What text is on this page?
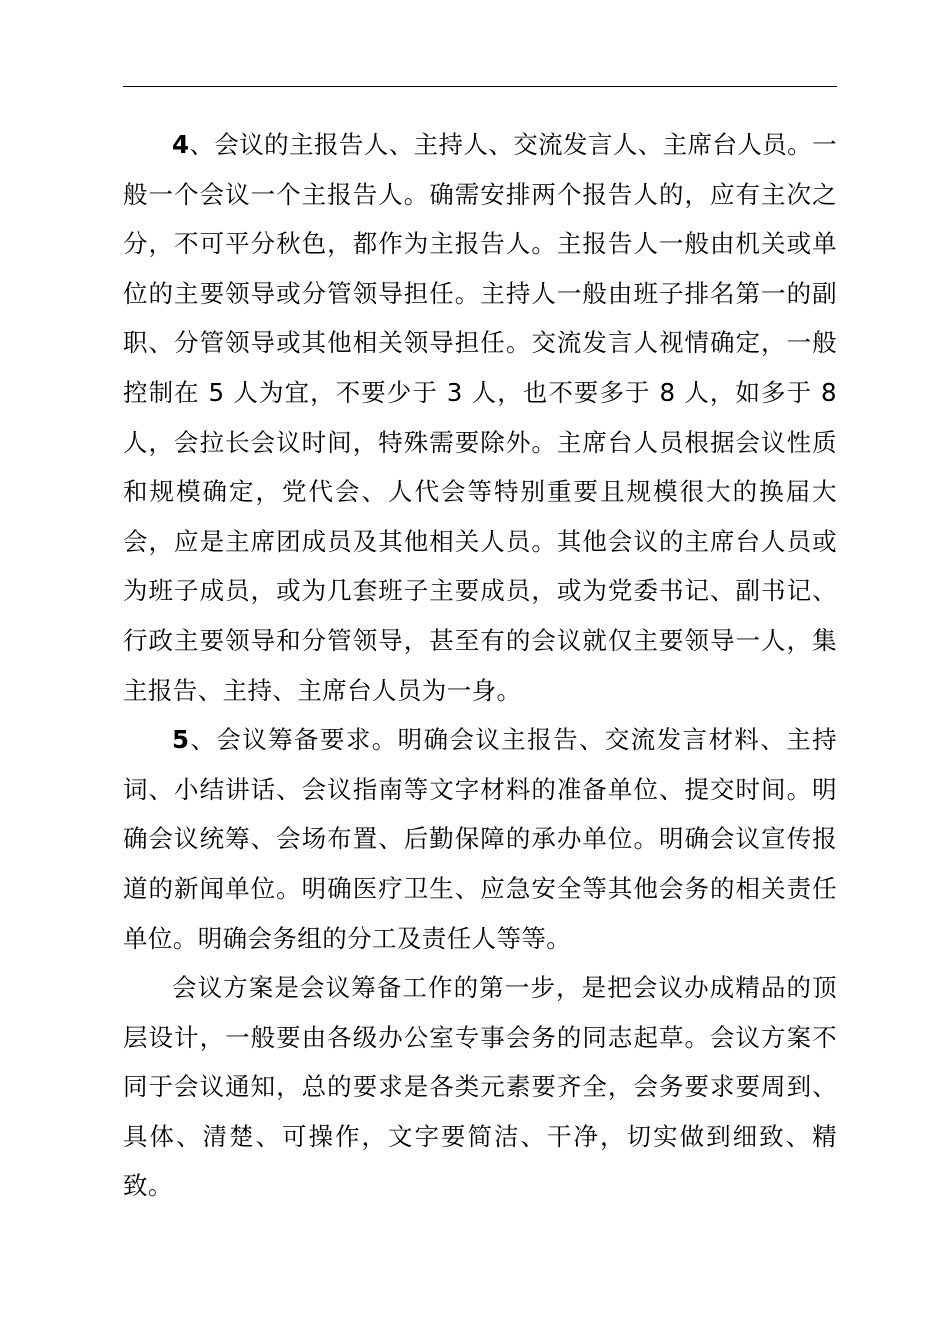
4、会议的主报告人、主持人、交流发言人、主席台人员。一般一个会议一个主报告人。确需安排两个报告人的，应有主次之分，不可平分秋色，都作为主报告人。主报告人一般由机关或单位的主要领导或分管领导担任。主持人一般由班子排名第一的副职、分管领导或其他相关领导担任。交流发言人视情确定，一般控制在 5 人为宜，不要少于 3 人，也不要多于 8 人，如多于 8 人，会拉长会议时间，特殊需要除外。主席台人员根据会议性质和规模确定，党代会、人代会等特别重要且规模很大的换届大会，应是主席团成员及其他相关人员。其他会议的主席台人员或为班子成员，或为几套班子主要成员，或为党委书记、副书记、行政主要领导和分管领导，甚至有的会议就仅主要领导一人，集主报告、主持、主席台人员为一身。

5、会议筹备要求。明确会议主报告、交流发言材料、主持词、小结讲话、会议指南等文字材料的准备单位、提交时间。明确会议统筹、会场布置、后勤保障的承办单位。明确会议宣传报道的新闻单位。明确医疗卫生、应急安全等其他会务的相关责任单位。明确会务组的分工及责任人等等。

会议方案是会议筹备工作的第一步，是把会议办成精品的顶层设计，一般要由各级办公室专事会务的同志起草。会议方案不同于会议通知，总的要求是各类元素要齐全，会务要求要周到、具体、清楚、可操作，文字要简洁、干净，切实做到细致、精致。
